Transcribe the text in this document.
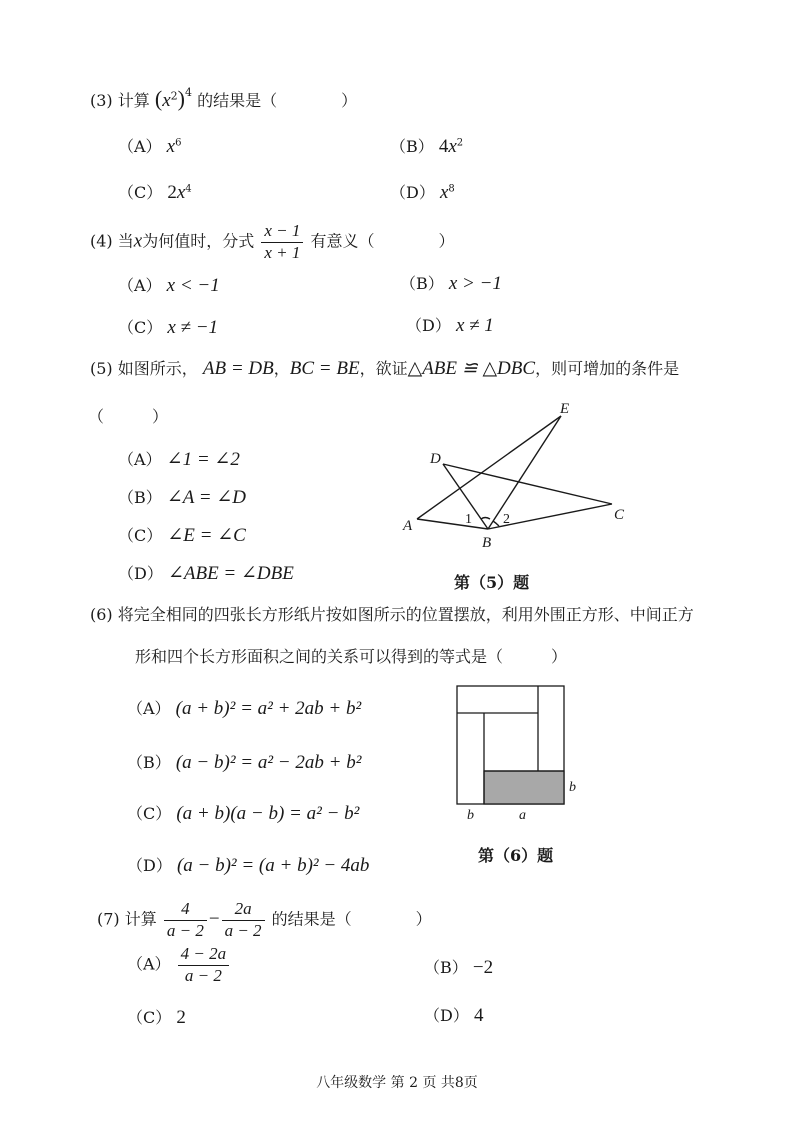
(3) 计算 $(x^2)^4$ 的结果是（　　　　）
（A） $x^6$	（B） $4x^2$
（C） $2x^4$	（D） $x^8$
(4) 当x为何值时，分式 $\frac{x - 1}{x + 1}$ 有意义（　　　　）
（A） x < −1	（B） x > −1
（C） x ≠ −1	（D） x ≠ 1
(5) 如图所示， AB = DB，BC = BE，欲证△ABE ≌ △DBC，则可增加的条件是
（　　　）
（A） ∠1 = ∠2
（B） ∠A = ∠D
（C） ∠E = ∠C
（D） ∠ABE = ∠DBE
E
D
A
B
C
1 2
第（5）题
(6) 将完全相同的四张长方形纸片按如图所示的位置摆放，利用外围正方形、中间正方
形和四个长方形面积之间的关系可以得到的等式是（　　　）
（A） (a + b)² = a² + 2ab + b²
（B） (a − b)² = a² − 2ab + b²
（C） (a + b)(a − b) = a² − b²
（D） (a − b)² = (a + b)² − 4ab
b	a
b
第（6）题
(7) 计算 $\frac{4}{a - 2} - \frac{2a}{a - 2}$ 的结果是（　　　　）
$(A) \frac{4 - 2a}{a - 2}$	（B） −2
（C） 2	（D） 4
八年级数学 第 2 页 共8页
